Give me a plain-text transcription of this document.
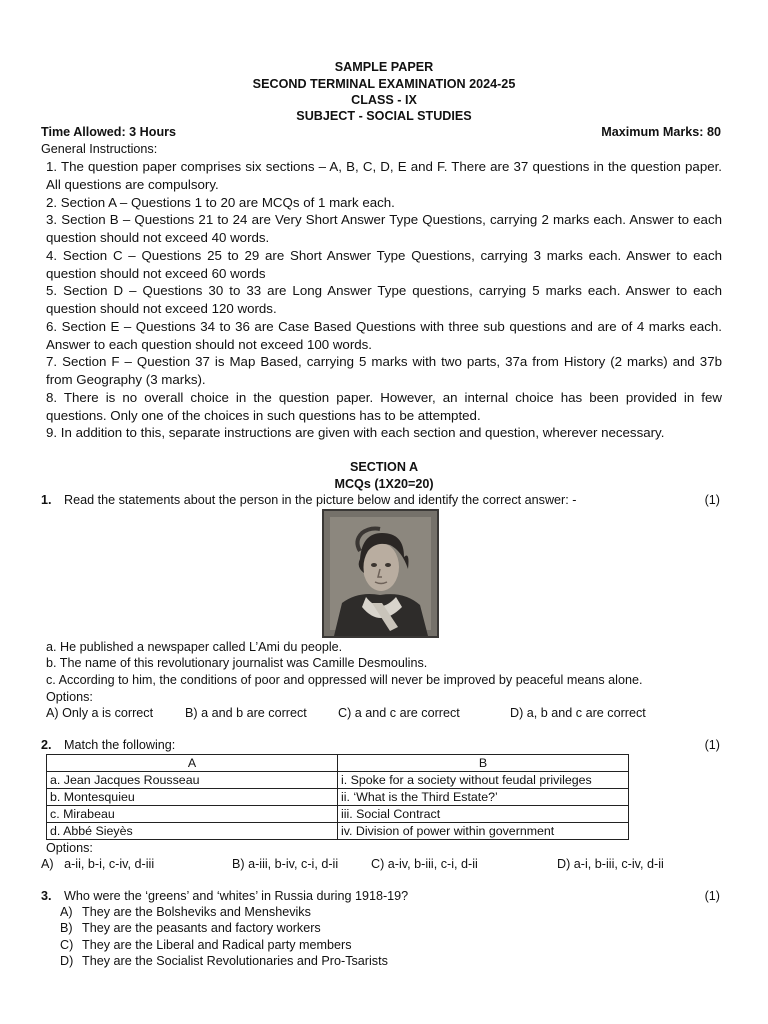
SAMPLE PAPER
SECOND TERMINAL EXAMINATION 2024-25
CLASS - IX
SUBJECT - SOCIAL STUDIES
Time Allowed: 3 Hours	Maximum Marks: 80
General Instructions:

1. The question paper comprises six sections – A, B, C, D, E and F. There are 37 questions in the question paper. All questions are compulsory.

2. Section A – Questions 1 to 20 are MCQs of 1 mark each.

3. Section B – Questions 21 to 24 are Very Short Answer Type Questions, carrying 2 marks each. Answer to each question should not exceed 40 words.

4. Section C – Questions 25 to 29 are Short Answer Type Questions, carrying 3 marks each. Answer to each question should not exceed 60 words

5. Section D – Questions 30 to 33 are Long Answer Type questions, carrying 5 marks each. Answer to each question should not exceed 120 words.

6. Section E – Questions 34 to 36 are Case Based Questions with three sub questions and are of 4 marks each. Answer to each question should not exceed 100 words.

7. Section F – Question 37 is Map Based, carrying 5 marks with two parts, 37a from History (2 marks) and 37b from Geography (3 marks).

8. There is no overall choice in the question paper. However, an internal choice has been provided in few questions. Only one of the choices in such questions has to be attempted.

9. In addition to this, separate instructions are given with each section and question, wherever necessary.

SECTION A
MCQs (1X20=20)
1. Read the statements about the person in the picture below and identify the correct answer: -	(1)
a. He published a newspaper called L’Ami du people.
b. The name of this revolutionary journalist was Camille Desmoulins.
c. According to him, the conditions of poor and oppressed will never be improved by peaceful means alone.
Options:
A) Only a is correct	B) a and b are correct C) a and c are correct	D) a, b and c are correct
2. Match the following:	(1)
A	B
a. Jean Jacques Rousseau	i. Spoke for a society without feudal privileges
b. Montesquieu	ii. ‘What is the Third Estate?’
c. Mirabeau	iii. Social Contract
d. Abbé Sieyès	iv. Division of power within government
Options:
A)   a-ii, b-i, c-iv, d-iii	B) a-iii, b-iv, c-i, d-ii	C) a-iv, b-iii, c-i, d-ii	D) a-i, b-iii, c-iv, d-ii
3. Who were the ‘greens’ and ‘whites’ in Russia during 1918-19?	(1)
A) They are the Bolsheviks and Mensheviks
B) They are the peasants and factory workers
C) They are the Liberal and Radical party members
D) They are the Socialist Revolutionaries and Pro-Tsarists
